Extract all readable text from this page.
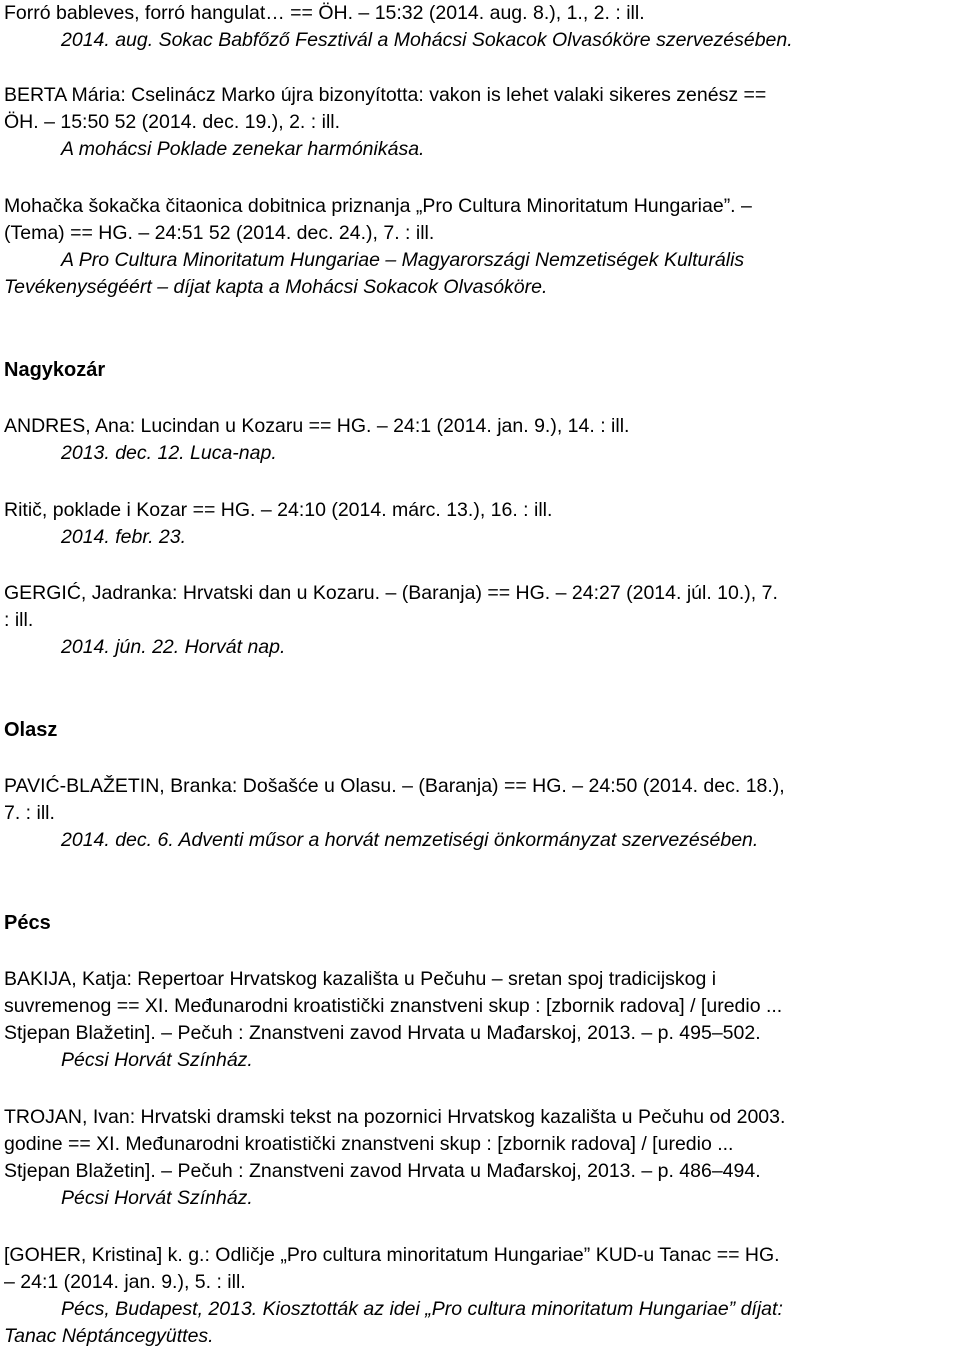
Forró bableves, forró hangulat… == ÖH. – 15:32 (2014. aug. 8.), 1., 2. : ill.
2014. aug. Sokac Babfőző Fesztivál a Mohácsi Sokacok Olvasóköre szervezésében.
BERTA Mária: Cselinácz Marko újra bizonyította: vakon is lehet valaki sikeres zenész ==
ÖH. – 15:50 52 (2014. dec. 19.), 2. : ill.
A mohácsi Poklade zenekar harmónikása.
Mohačka šokačka čitaonica dobitnica priznanja „Pro Cultura Minoritatum Hungariae”. –
(Tema) == HG. – 24:51 52 (2014. dec. 24.), 7. : ill.
A Pro Cultura Minoritatum Hungariae – Magyarországi Nemzetiségek Kulturális
Tevékenységéért – díjat kapta a Mohácsi Sokacok Olvasóköre.
Nagykozár
ANDRES, Ana: Lucindan u Kozaru == HG. – 24:1 (2014. jan. 9.), 14. : ill.
2013. dec. 12. Luca-nap.
Ritič, poklade i Kozar == HG. – 24:10 (2014. márc. 13.), 16. : ill.
2014. febr. 23.
GERGIĆ, Jadranka: Hrvatski dan u Kozaru. – (Baranja) == HG. – 24:27 (2014. júl. 10.), 7.
: ill.
2014. jún. 22. Horvát nap.
Olasz
PAVIĆ-BLAŽETIN, Branka: Došašće u Olasu. – (Baranja) == HG. – 24:50 (2014. dec. 18.),
7. : ill.
2014. dec. 6. Adventi műsor a horvát nemzetiségi önkormányzat szervezésében.
Pécs
BAKIJA, Katja: Repertoar Hrvatskog kazališta u Pečuhu – sretan spoj tradicijskog i
suvremenog == XI. Međunarodni kroatistički znanstveni skup : [zbornik radova] / [uredio ...
Stjepan Blažetin]. – Pečuh : Znanstveni zavod Hrvata u Mađarskoj, 2013. – p. 495–502.
Pécsi Horvát Színház.
TROJAN, Ivan: Hrvatski dramski tekst na pozornici Hrvatskog kazališta u Pečuhu od 2003.
godine == XI. Međunarodni kroatistički znanstveni skup : [zbornik radova] / [uredio ...
Stjepan Blažetin]. – Pečuh : Znanstveni zavod Hrvata u Mađarskoj, 2013. – p. 486–494.
Pécsi Horvát Színház.
[GOHER, Kristina] k. g.: Odličje „Pro cultura minoritatum Hungariae” KUD-u Tanac == HG.
– 24:1 (2014. jan. 9.), 5. : ill.
Pécs, Budapest, 2013. Kiosztották az idei „Pro cultura minoritatum Hungariae” díjat:
Tanac Néptáncegyüttes.
